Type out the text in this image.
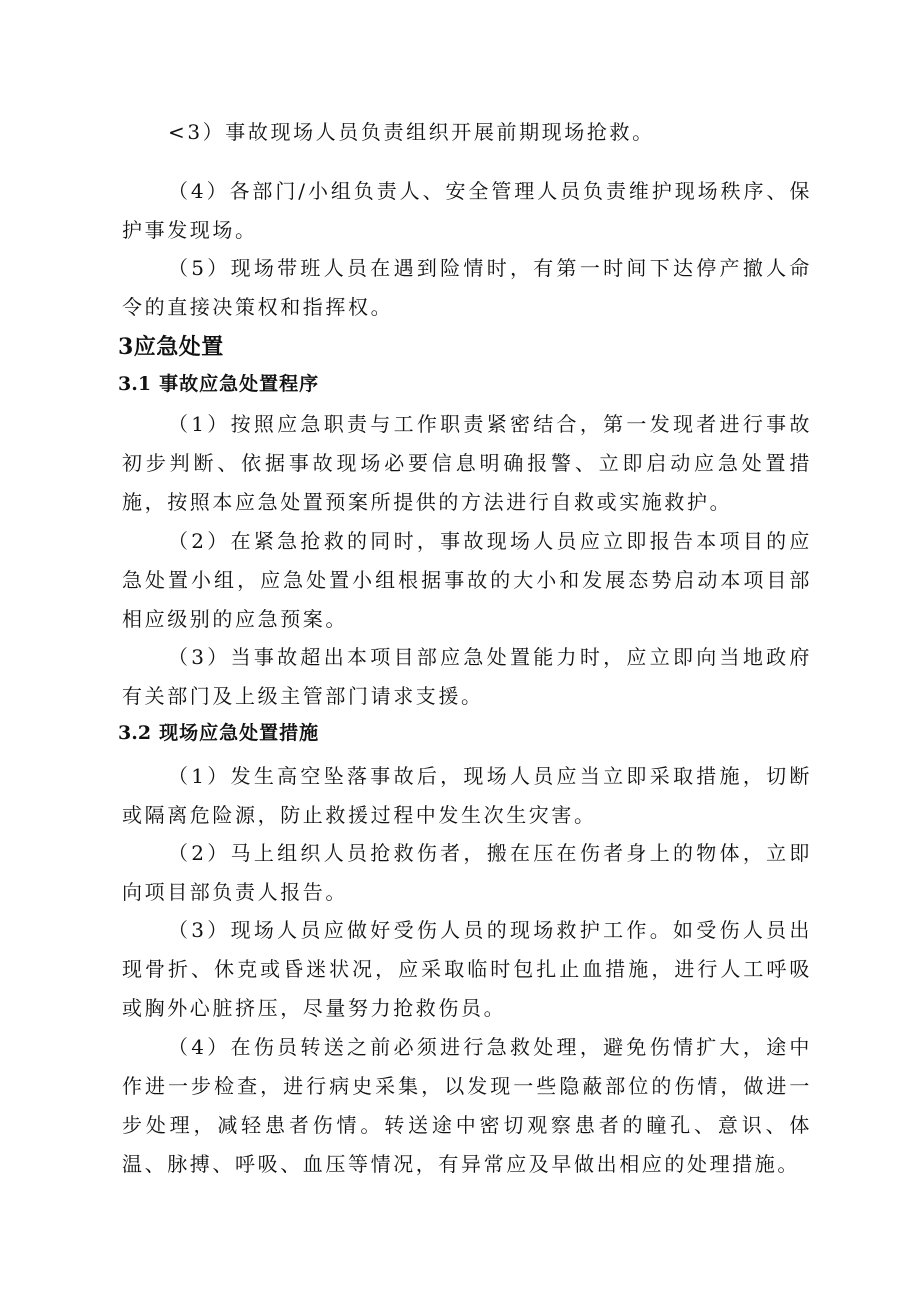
<3）事故现场人员负责组织开展前期现场抢救。

（4）各部门/小组负责人、安全管理人员负责维护现场秩序、保护事发现场。

（5）现场带班人员在遇到险情时，有第一时间下达停产撤人命令的直接决策权和指挥权。

3应急处置
3.1 事故应急处置程序

（1）按照应急职责与工作职责紧密结合，第一发现者进行事故初步判断、依据事故现场必要信息明确报警、立即启动应急处置措施，按照本应急处置预案所提供的方法进行自救或实施救护。

（2）在紧急抢救的同时，事故现场人员应立即报告本项目的应急处置小组，应急处置小组根据事故的大小和发展态势启动本项目部相应级别的应急预案。

（3）当事故超出本项目部应急处置能力时，应立即向当地政府有关部门及上级主管部门请求支援。

3.2 现场应急处置措施

（1）发生高空坠落事故后，现场人员应当立即采取措施，切断或隔离危险源，防止救援过程中发生次生灾害。

（2）马上组织人员抢救伤者，搬在压在伤者身上的物体，立即向项目部负责人报告。

（3）现场人员应做好受伤人员的现场救护工作。如受伤人员出现骨折、休克或昏迷状况，应采取临时包扎止血措施，进行人工呼吸或胸外心脏挤压，尽量努力抢救伤员。

（4）在伤员转送之前必须进行急救处理，避免伤情扩大，途中作进一步检查，进行病史采集，以发现一些隐蔽部位的伤情，做进一步处理，减轻患者伤情。转送途中密切观察患者的瞳孔、意识、体温、脉搏、呼吸、血压等情况，有异常应及早做出相应的处理措施。
